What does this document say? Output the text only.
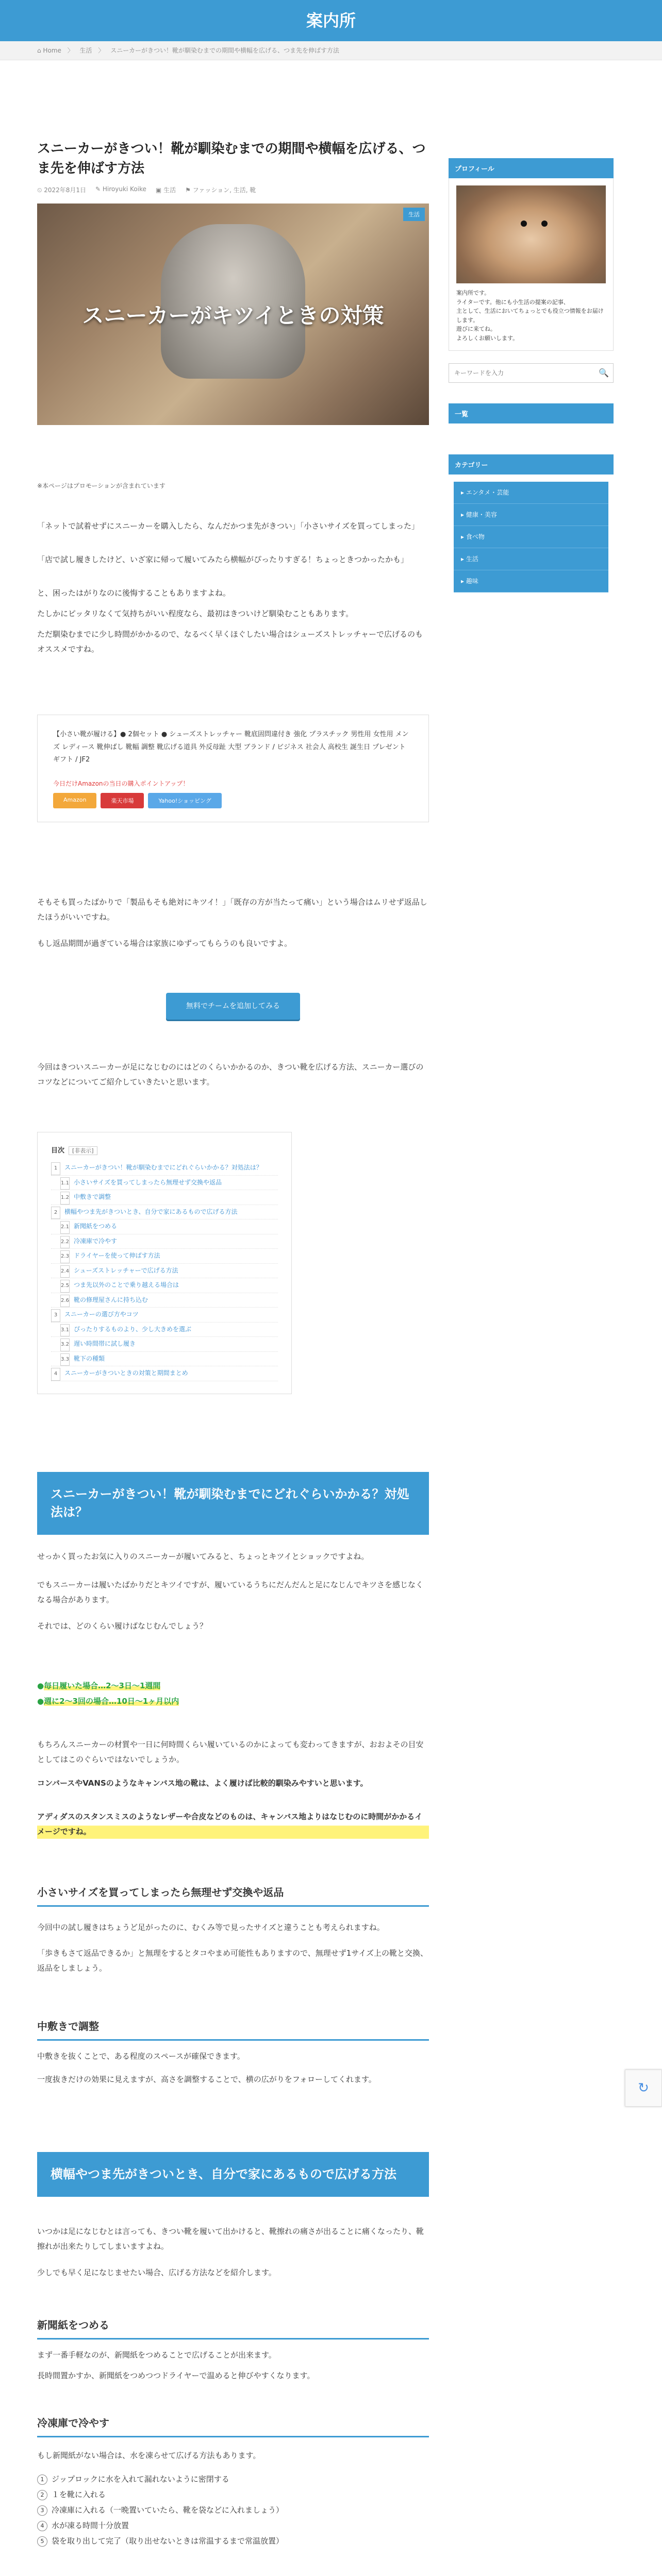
案内所
⌂ Home 〉 生活 〉 スニーカーがきつい！靴が馴染むまでの期間や横幅を広げる、つま先を伸ばす方法
スニーカーがきつい！靴が馴染むまでの期間や横幅を広げる、つま先を伸ばす方法
⏲ 2022年8月1日 ✎ Hiroyuki Koike ▣ 生活 ⚑ ファッション, 生活, 靴
生活
スニーカーがキツイときの対策

※本ページはプロモーションが含まれています

「ネットで試着せずにスニーカーを購入したら、なんだかつま先がきつい」「小さいサイズを買ってしまった」

「店で試し履きしたけど、いざ家に帰って履いてみたら横幅がぴったりすぎる！ちょっときつかったかも」

と、困ったはがりなのに後悔することもありますよね。

たしかにピッタリなくて気持ちがいい程度なら、最初はきついけど馴染むこともあります。

ただ馴染むまでに少し時間がかかるので、なるべく早くほぐしたい場合はシューズストレッチャーで広げるのもオススメですね。

【小さい靴が履ける】● 2個セット ● シューズストレッチャー 靴底固問違付き 強化 プラスチック 男性用 女性用 メンズ レディース 靴伸ばし 靴幅 調整 靴広げる道具 外反母趾 大型 ブランド / ビジネス 社会人 高校生 誕生日 プレゼント ギフト / JF2

今日だけAmazonの当日の購入ポイントアップ！

Amazon	楽天市場	Yahoo!ショッピング

そもそも買ったばかりで「製品もそも絶対にキツイ！」「既存の方が当たって痛い」という場合はムリせず返品したほうがいいですね。

もし返品期間が過ぎている場合は家族にゆずってもらうのも良いですよ。

無料でチームを追加してみる

今回はきついスニーカーが足になじむのにはどのくらいかかるのか、きつい靴を広げる方法、スニーカー選びのコツなどについてご紹介していきたいと思います。

目次 [非表示]
1 スニーカーがきつい！靴が馴染むまでにどれぐらいかかる？対処法は？
1.1 小さいサイズを買ってしまったら無理せず交換や返品
1.2 中敷きで調整
2 横幅やつま先がきついとき、自分で家にあるもので広げる方法
2.1 新聞紙をつめる
2.2 冷凍庫で冷やす
2.3 ドライヤーを使って伸ばす方法
2.4 シューズストレッチャーで広げる方法
2.5 つま先以外のことで乗り越える場合は
2.6 靴の修理屋さんに持ち込む
3 スニーカーの選び方やコツ
3.1 ぴったりするものより、少し大きめを選ぶ
3.2 遅い時間帯に試し履き
3.3 靴下の種類
4 スニーカーがきついときの対策と期間まとめ
スニーカーがきつい！靴が馴染むまでにどれぐらいかかる？対処法は？

せっかく買ったお気に入りのスニーカーが履いてみると、ちょっとキツイとショックですよね。

でもスニーカーは履いたばかりだとキツイですが、履いているうちにだんだんと足になじんでキツさを感じなくなる場合があります。

それでは、どのくらい履けばなじむんでしょう？

●毎日履いた場合…2〜3日〜1週間
●週に2〜3回の場合…10日〜1ヶ月以内

もちろんスニーカーの材質や一日に何時間くらい履いているのかによっても変わってきますが、おおよその目安としてはこのぐらいではないでしょうか。

コンバースやVANSのようなキャンバス地の靴は、よく履けば比較的馴染みやすいと思います。

アディダスのスタンスミスのようなレザーや合皮などのものは、キャンバス地よりはなじむのに時間がかかるイメージですね。

小さいサイズを買ってしまったら無理せず交換や返品

今回中の試し履きはちょうど足がったのに、むくみ等で見ったサイズと違うことも考えられますね。

「歩きもさて返品できるか」と無理をするとタコやまめ可能性もありますので、無理せず1サイズ上の靴と交換、返品をしましょう。

中敷きで調整

中敷きを抜くことで、ある程度のスペースが確保できます。

一度抜きだけの効果に見えますが、高さを調整することで、横の広がりをフォローしてくれます。

横幅やつま先がきついとき、自分で家にあるもので広げる方法

いつかは足になじむとは言っても、きつい靴を履いて出かけると、靴擦れの痛さが出ることに痛くなったり、靴擦れが出来たりしてしまいますよね。

少しでも早く足になじませたい場合、広げる方法などを紹介します。

新聞紙をつめる

まず一番手軽なのが、新聞紙をつめることで広げることが出来ます。

長時間置かすか、新聞紙をつめつつドライヤーで温めると伸びやすくなります。

冷凍庫で冷やす

もし新聞紙がない場合は、水を凍らせて広げる方法もあります。

1 ジップロックに水を入れて漏れないように密閉する
2 １を靴に入れる
3 冷凍庫に入れる（一晩置いていたら、靴を袋などに入れましょう）
4 水が凍る時間十分放置
5 袋を取り出して完了（取り出せないときは常温するまで常温放置）

プロフィール

案内所です。
ライターです。他にも小生活の提案の記事、
主として、生活においてちょっとでも役立つ情報をお届けします。
遊びに来てね。
よろしくお願いします。

キーワードを入力
🔍
一覧
カテゴリー
▸ エンタメ・芸能
▸ 健康・美容
▸ 食べ物
▸ 生活
▸ 趣味
↻
